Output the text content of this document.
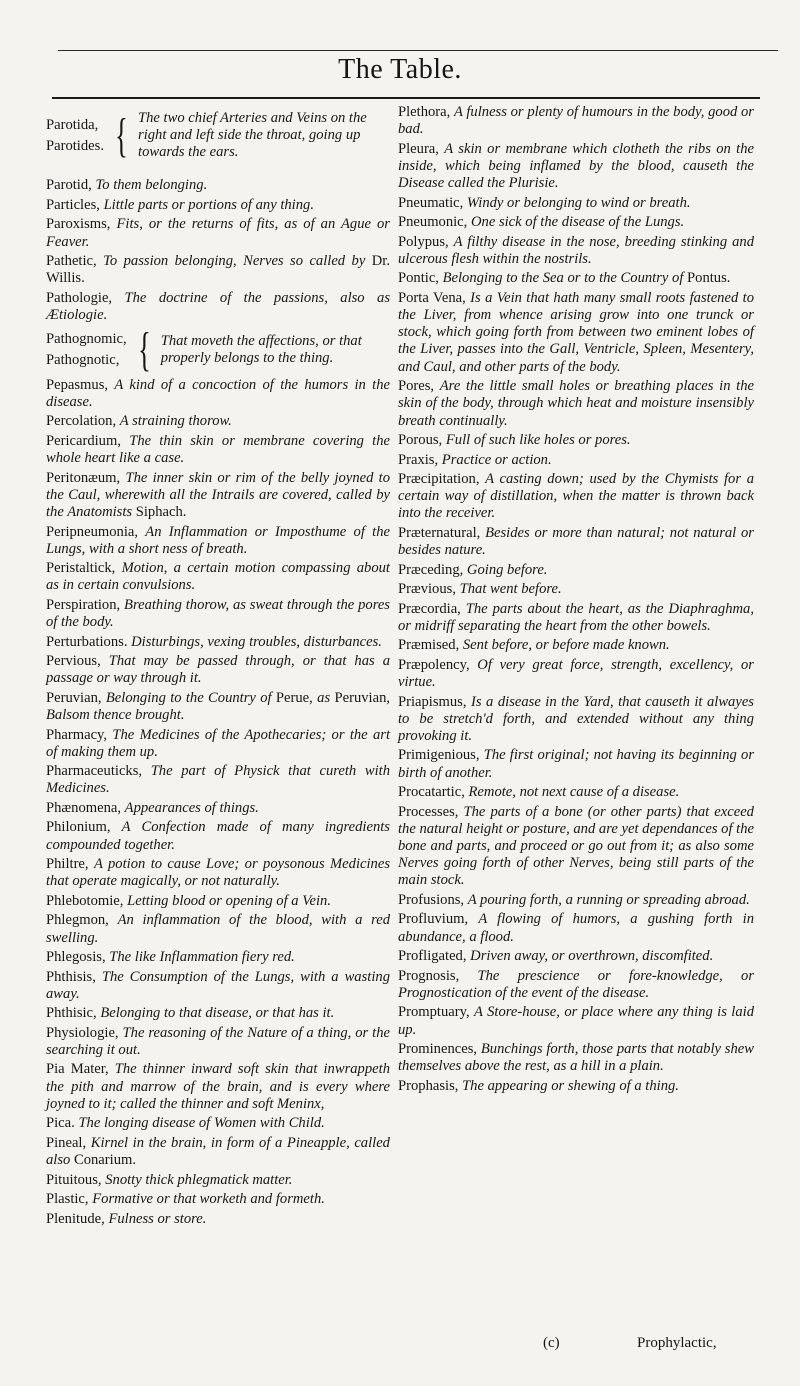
The Table.
Parotida,
Parotides. { The two chief Arteries and Veins on the right and left side the throat, going up towards the ears.
Parotid, To them belonging.
Particles, Little parts or portions of any thing.
Paroxisms, Fits, or the returns of fits, as of an Ague or Feaver.
Pathetic, To passion belonging, Nerves so called by Dr. Willis.
Pathologie, The doctrine of the passions, also as Ætiologie.
Pathognomic,
Pathognotic, { That moveth the affections, or that properly belongs to the thing.
Pepasmus, A kind of a concoction of the humors in the disease.
Percolation, A straining thorow.
Pericardium, The thin skin or membrane covering the whole heart like a case.
Peritonæum, The inner skin or rim of the belly joyned to the Caul, wherewith all the Intrails are covered, called by the Anatomists Siphach.
Peripneumonia, An Inflammation or Imposthume of the Lungs, with a short ness of breath.
Peristaltick, Motion, a certain motion compassing about as in certain convulsions.
Perspiration, Breathing thorow, as sweat through the pores of the body.
Perturbations. Disturbings, vexing troubles, disturbances.
Pervious, That may be passed through, or that has a passage or way through it.
Peruvian, Belonging to the Country of Perue, as Peruvian, Balsom thence brought.
Pharmacy, The Medicines of the Apothecaries; or the art of making them up.
Pharmaceuticks, The part of Physick that cureth with Medicines.
Phænomena, Appearances of things.
Philonium, A Confection made of many ingredients compounded together.
Philtre, A potion to cause Love; or poysonous Medicines that operate magically, or not naturally.
Phlebotomie, Letting blood or opening of a Vein.
Phlegmon, An inflammation of the blood, with a red swelling.
Phlegosis, The like Inflammation fiery red.
Phthisis, The Consumption of the Lungs, with a wasting away.
Phthisic, Belonging to that disease, or that has it.
Physiologie, The reasoning of the Nature of a thing, or the searching it out.
Pia Mater, The thinner inward soft skin that inwrappeth the pith and marrow of the brain, and is every where joyned to it; called the thinner and soft Meninx,
Pica. The longing disease of Women with Child.
Pineal, Kirnel in the brain, in form of a Pineapple, called also Conarium.
Pituitous, Snotty thick phlegmatick matter.
Plastic, Formative or that worketh and formeth.
Plenitude, Fulness or store.
Plethora, A fulness or plenty of humours in the body, good or bad.
Pleura, A skin or membrane which clotheth the ribs on the inside, which being inflamed by the blood, causeth the Disease called the Plurisie.
Pneumatic, Windy or belonging to wind or breath.
Pneumonic, One sick of the disease of the Lungs.
Polypus, A filthy disease in the nose, breeding stinking and ulcerous flesh within the nostrils.
Pontic, Belonging to the Sea or to the Country of Pontus.
Porta Vena, Is a Vein that hath many small roots fastened to the Liver, from whence arising grow into one trunck or stock, which going forth from between two eminent lobes of the Liver, passes into the Gall, Ventricle, Spleen, Mesentery, and Caul, and other parts of the body.
Pores, Are the little small holes or breathing places in the skin of the body, through which heat and moisture insensibly breath continually.
Porous, Full of such like holes or pores.
Praxis, Practice or action.
Præcipitation, A casting down; used by the Chymists for a certain way of distillation, when the matter is thrown back into the receiver.
Præternatural, Besides or more than natural; not natural or besides nature.
Præceding, Going before.
Prævious, That went before.
Præcordia, The parts about the heart, as the Diaphraghma, or midriff separating the heart from the other bowels.
Præmised, Sent before, or before made known.
Præpolency, Of very great force, strength, excellency, or virtue.
Priapismus, Is a disease in the Yard, that causeth it alwayes to be stretch'd forth, and extended without any thing provoking it.
Primigenious, The first original; not having its beginning or birth of another.
Procatartic, Remote, not next cause of a disease.
Processes, The parts of a bone (or other parts) that exceed the natural height or posture, and are yet dependances of the bone and parts, and proceed or go out from it; as also some Nerves going forth of other Nerves, being still parts of the main stock.
Profusions, A pouring forth, a running or spreading abroad.
Profluvium, A flowing of humors, a gushing forth in abundance, a flood.
Profligated, Driven away, or overthrown, discomfited.
Prognosis, The prescience or fore-knowledge, or Prognostication of the event of the disease.
Promptuary, A Store-house, or place where any thing is laid up.
Prominences, Bunchings forth, those parts that notably shew themselves above the rest, as a hill in a plain.
Prophasis, The appearing or shewing of a thing.
(c)	Prophylactic,
